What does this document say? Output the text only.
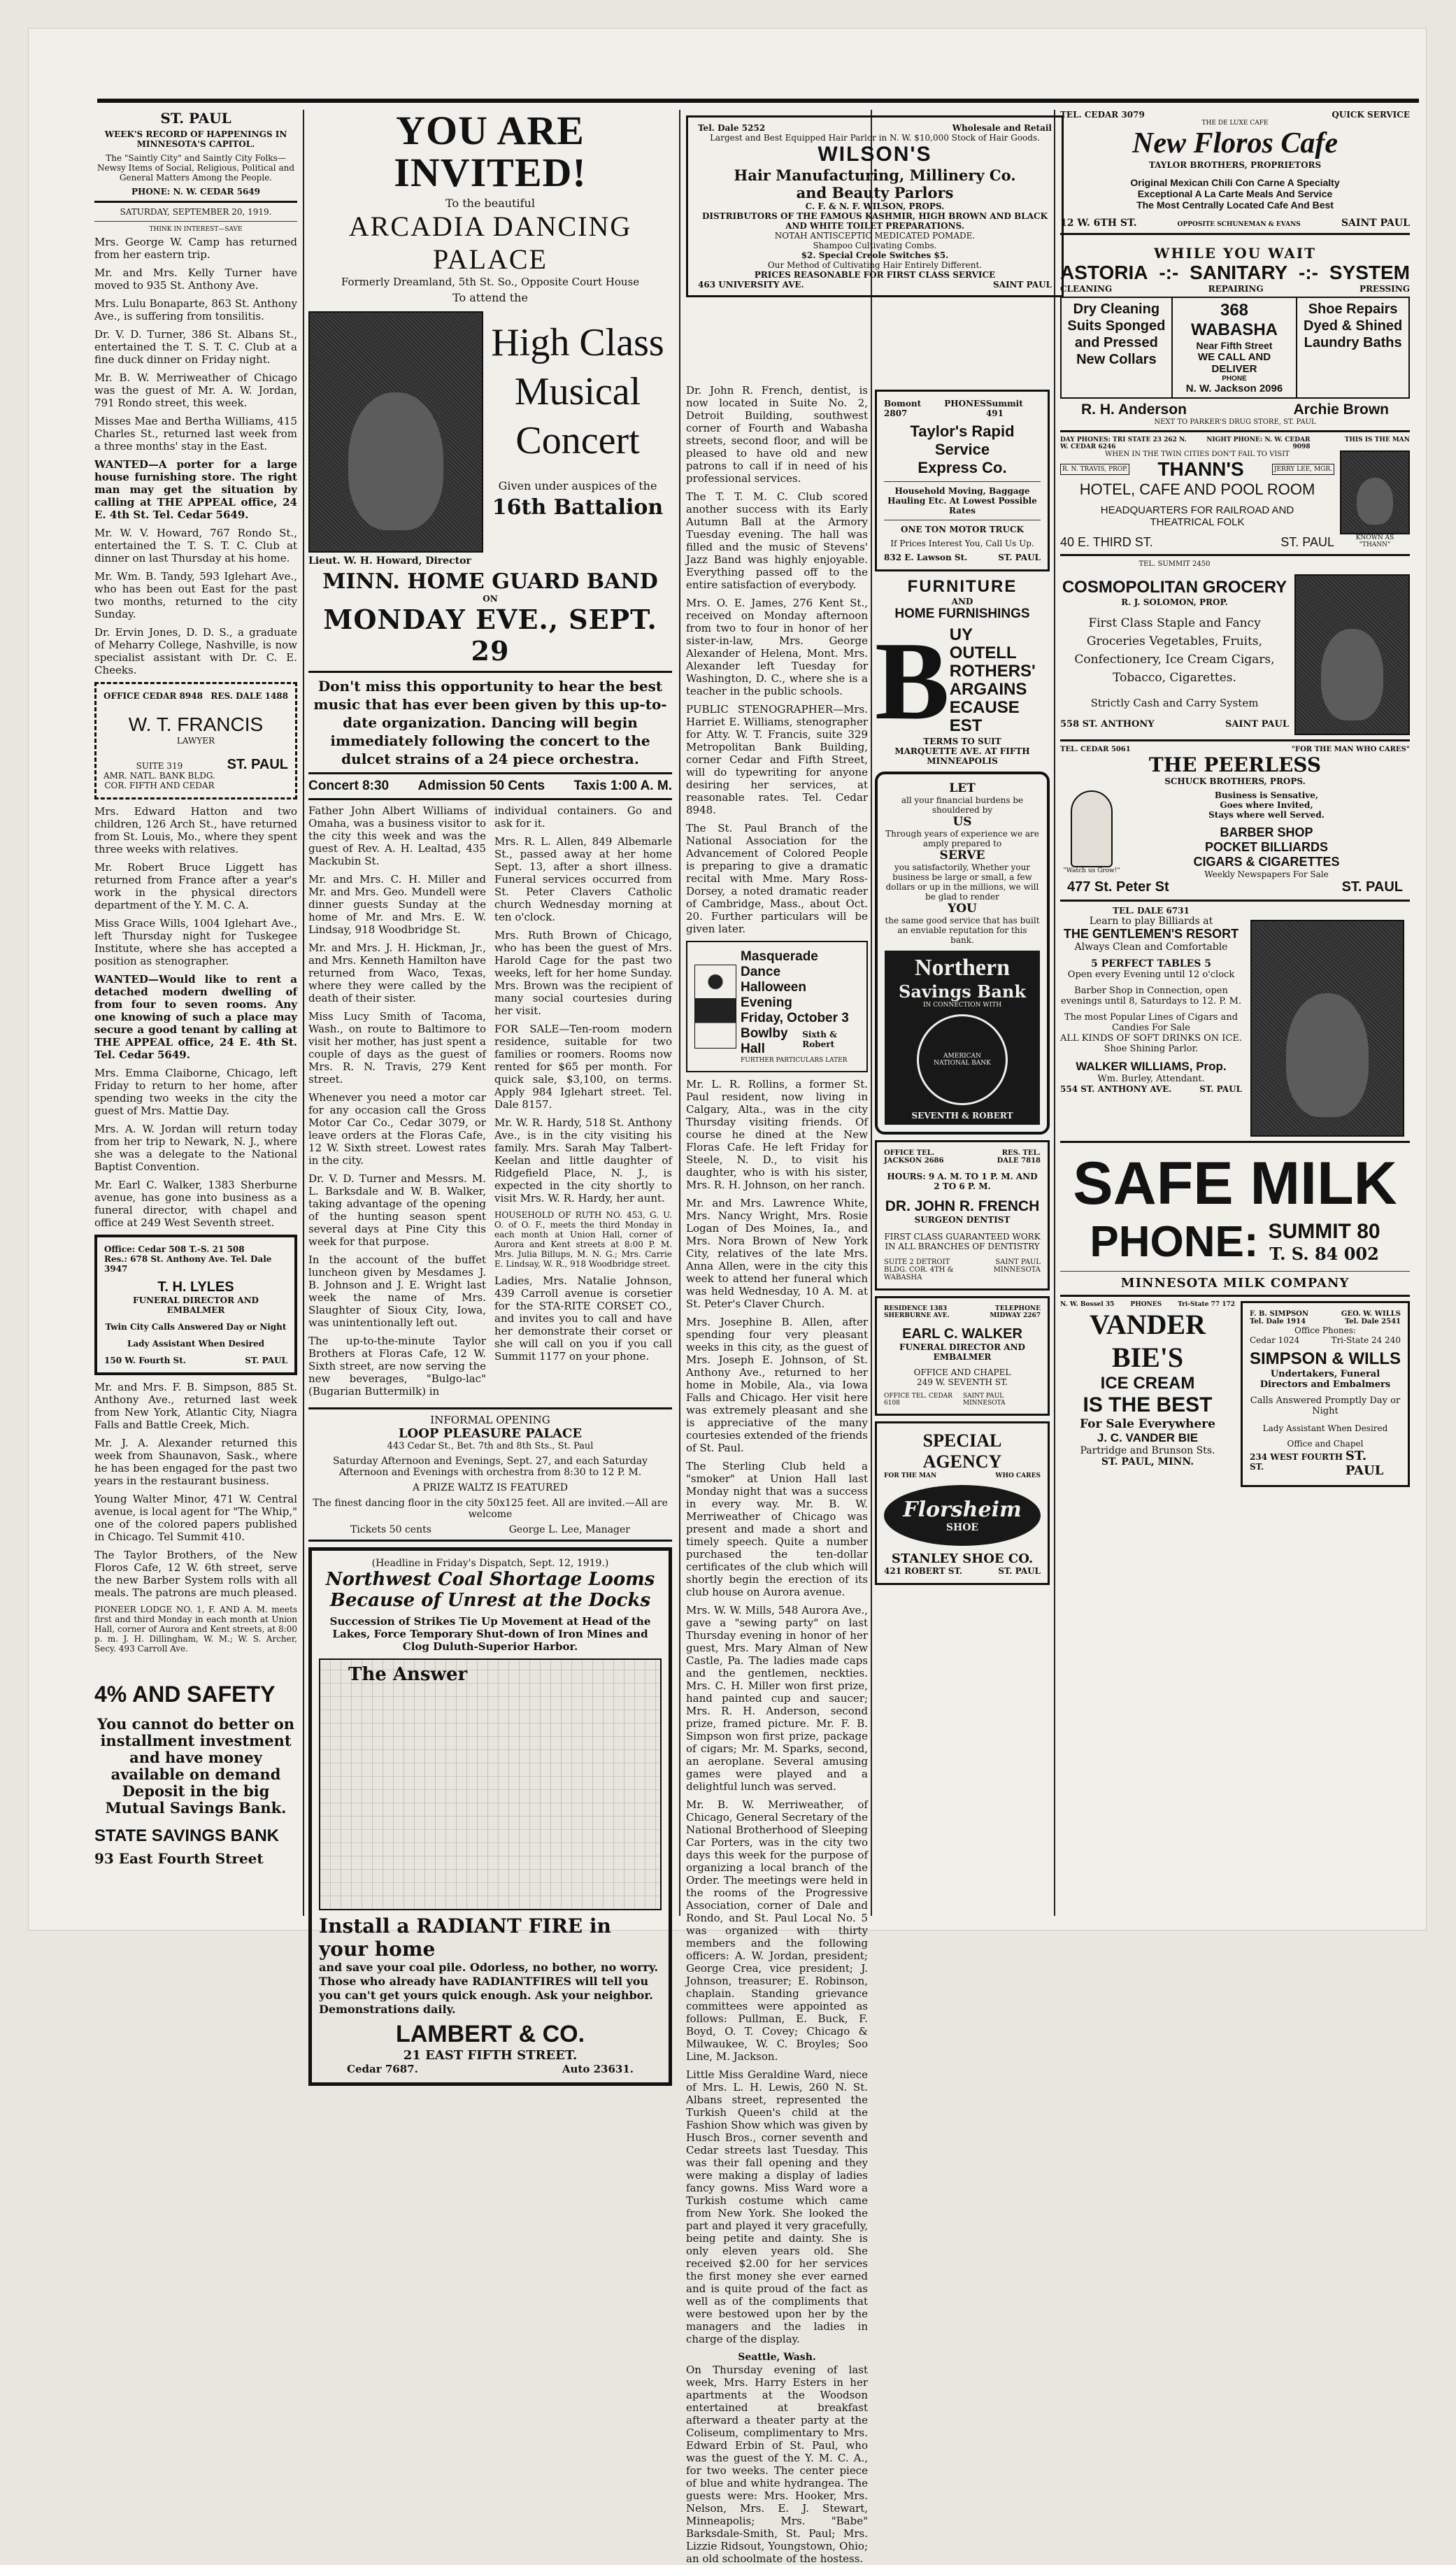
ST. PAUL
WEEK'S RECORD OF HAPPENINGS IN MINNESOTA'S CAPITOL.
The "Saintly City" and Saintly City Folks—Newsy Items of Social, Religious, Political and General Matters Among the People.
PHONE: N. W. CEDAR 5649
SATURDAY, SEPTEMBER 20, 1919.
THINK IN INTEREST—SAVE

Mrs. George W. Camp has returned from her eastern trip.

Mr. and Mrs. Kelly Turner have moved to 935 St. Anthony Ave.

Mrs. Lulu Bonaparte, 863 St. Anthony Ave., is suffering from tonsilitis.

Dr. V. D. Turner, 386 St. Albans St., entertained the T. S. T. C. Club at a fine duck dinner on Friday night.

Mr. B. W. Merriweather of Chicago was the guest of Mr. A. W. Jordan, 791 Rondo street, this week.

Misses Mae and Bertha Williams, 415 Charles St., returned last week from a three months' stay in the East.

WANTED—A porter for a large house furnishing store. The right man may get the situation by calling at THE APPEAL office, 24 E. 4th St. Tel. Cedar 5649.

Mr. W. V. Howard, 767 Rondo St., entertained the T. S. T. C. Club at dinner on last Thursday at his home.

Mr. Wm. B. Tandy, 593 Iglehart Ave., who has been out East for the past two months, returned to the city Sunday.

Dr. Ervin Jones, D. D. S., a graduate of Meharry College, Nashville, is now specialist assistant with Dr. C. E. Cheeks.

OFFICE CEDAR 8948 RES. DALE 1488
W. T. FRANCIS
LAWYER
SUITE 319
AMR. NATL. BANK BLDG.
COR. FIFTH AND CEDAR
ST. PAUL

Mrs. Edward Hatton and two children, 126 Arch St., have returned from St. Louis, Mo., where they spent three weeks with relatives.

Mr. Robert Bruce Liggett has returned from France after a year's work in the physical directors department of the Y. M. C. A.

Miss Grace Wills, 1004 Iglehart Ave., left Thursday night for Tuskegee Institute, where she has accepted a position as stenographer.

WANTED—Would like to rent a detached modern dwelling of from four to seven rooms. Any one knowing of such a place may secure a good tenant by calling at THE APPEAL office, 24 E. 4th St. Tel. Cedar 5649.

Mrs. Emma Claiborne, Chicago, left Friday to return to her home, after spending two weeks in the city the guest of Mrs. Mattie Day.

Mrs. A. W. Jordan will return today from her trip to Newark, N. J., where she was a delegate to the National Baptist Convention.

Mr. Earl C. Walker, 1383 Sherburne avenue, has gone into business as a funeral director, with chapel and office at 249 West Seventh street.

Office: Cedar 508 T.-S. 21 508
Res.: 678 St. Anthony Ave. Tel. Dale 3947
T. H. LYLES
FUNERAL DIRECTOR AND EMBALMER
Twin City Calls Answered Day or Night
Lady Assistant When Desired
150 W. Fourth St.	ST. PAUL

Mr. and Mrs. F. B. Simpson, 885 St. Anthony Ave., returned last week from New York, Atlantic City, Niagra Falls and Battle Creek, Mich.

Mr. J. A. Alexander returned this week from Shaunavon, Sask., where he has been engaged for the past two years in the restaurant business.

Young Walter Minor, 471 W. Central avenue, is local agent for "The Whip," one of the colored papers published in Chicago. Tel Summit 410.

The Taylor Brothers, of the New Floros Cafe, 12 W. 6th street, serve the new Barber System rolls with all meals. The patrons are much pleased.

PIONEER LODGE NO. 1, F. AND A. M. meets first and third Monday in each month at Union Hall, corner of Aurora and Kent streets, at 8:00 p. m. J. H. Dillingham, W. M.; W. S. Archer, Secy. 493 Carroll Ave.

4% AND SAFETY
You cannot do better on installment investment and have money available on demand Deposit in the big Mutual Savings Bank.
STATE SAVINGS BANK
93 East Fourth Street
YOU ARE INVITED!
To the beautiful
ARCADIA DANCING PALACE
Formerly Dreamland, 5th St. So., Opposite Court House
To attend the
Lieut. W. H. Howard, Director
High Class
Musical
Concert
Given under auspices of the
16th Battalion
MINN. HOME GUARD BAND
ON
MONDAY EVE., SEPT. 29
Don't miss this opportunity to hear the best music that has ever been given by this up-to-date organization. Dancing will begin immediately following the concert to the dulcet strains of a 24 piece orchestra.
Concert 8:30 Admission 50 Cents Taxis 1:00 A. M.

Father John Albert Williams of Omaha, was a business visitor to the city this week and was the guest of Rev. A. H. Lealtad, 435 Mackubin St.

Mr. and Mrs. C. H. Miller and Mr. and Mrs. Geo. Mundell were dinner guests Sunday at the home of Mr. and Mrs. E. W. Lindsay, 918 Woodbridge St.

Mr. and Mrs. J. H. Hickman, Jr., and Mrs. Kenneth Hamilton have returned from Waco, Texas, where they were called by the death of their sister.

Miss Lucy Smith of Tacoma, Wash., on route to Baltimore to visit her mother, has just spent a couple of days as the guest of Mrs. R. N. Travis, 279 Kent street.

Whenever you need a motor car for any occasion call the Gross Motor Car Co., Cedar 3079, or leave orders at the Floras Cafe, 12 W. Sixth street. Lowest rates in the city.

Dr. V. D. Turner and Messrs. M. L. Barksdale and W. B. Walker, taking advantage of the opening of the hunting season spent several days at Pine City this week for that purpose.

In the account of the buffet luncheon given by Mesdames J. B. Johnson and J. E. Wright last week the name of Mrs. Slaughter of Sioux City, Iowa, was unintentionally left out.

The up-to-the-minute Taylor Brothers at Floras Cafe, 12 W. Sixth street, are now serving the new beverages, "Bulgo-lac" (Bugarian Buttermilk) in

individual containers. Go and ask for it.

Mrs. R. L. Allen, 849 Albemarle St., passed away at her home Sept. 13, after a short illness. Funeral services occurred from St. Peter Clavers Catholic church Wednesday morning at ten o'clock.

Mrs. Ruth Brown of Chicago, who has been the guest of Mrs. Harold Cage for the past two weeks, left for her home Sunday. Mrs. Brown was the recipient of many social courtesies during her visit.

FOR SALE—Ten-room modern residence, suitable for two families or roomers. Rooms now rented for $65 per month. For quick sale, $3,100, on terms. Apply 984 Iglehart street. Tel. Dale 8157.

Mr. W. R. Hardy, 518 St. Anthony Ave., is in the city visiting his family. Mrs. Sarah May Talbert-Keelan and little daughter of Ridgefield Place, N. J., is expected in the city shortly to visit Mrs. W. R. Hardy, her aunt.

HOUSEHOLD OF RUTH NO. 453, G. U. O. of O. F., meets the third Monday in each month at Union Hall, corner of Aurora and Kent streets at 8:00 P. M. Mrs. Julia Billups, M. N. G.; Mrs. Carrie E. Lindsay, W. R., 918 Woodbridge street.

Ladies, Mrs. Natalie Johnson, 439 Carroll avenue is corsetier for the STA-RITE CORSET CO., and invites you to call and have her demonstrate their corset or she will call on you if you call Summit 1177 on your phone.

INFORMAL OPENING
LOOP PLEASURE PALACE
443 Cedar St., Bet. 7th and 8th Sts., St. Paul
Saturday Afternoon and Evenings, Sept. 27, and each Saturday Afternoon and Evenings with orchestra from 8:30 to 12 P. M.
A PRIZE WALTZ IS FEATURED
The finest dancing floor in the city 50x125 feet. All are invited.—All are welcome
Tickets 50 cents	George L. Lee, Manager
(Headline in Friday's Dispatch, Sept. 12, 1919.)
Northwest Coal Shortage Looms Because of Unrest at the Docks
Succession of Strikes Tie Up Movement at Head of the Lakes, Force Temporary Shut-down of Iron Mines and Clog Duluth-Superior Harbor.
The Answer
Install a RADIANT FIRE in your home
and save your coal pile. Odorless, no bother, no worry. Those who already have RADIANTFIRES will tell you you can't get yours quick enough. Ask your neighbor. Demonstrations daily.
LAMBERT & CO.
21 EAST FIFTH STREET.
Cedar 7687.	Auto 23631.
Tel. Dale 5252	Wholesale and Retail
Largest and Best Equipped Hair Parlor in N. W. $10,000 Stock of Hair Goods.
WILSON'S
Hair Manufacturing, Millinery Co.
and Beauty Parlors
C. F. & N. F. WILSON, PROPS.
DISTRIBUTORS OF THE FAMOUS KASHMIR, HIGH BROWN AND BLACK AND WHITE TOILET PREPARATIONS.
NOTAH ANTISCEPTIC MEDICATED POMADE.
Shampoo Cultivating Combs.
$2. Special Creole Switches $5.
Our Method of Cultivating Hair Entirely Different.
PRICES REASONABLE FOR FIRST CLASS SERVICE
463 UNIVERSITY AVE.	SAINT PAUL

Dr. John R. French, dentist, is now located in Suite No. 2, Detroit Building, southwest corner of Fourth and Wabasha streets, second floor, and will be pleased to have old and new patrons to call if in need of his professional services.

The T. T. M. C. Club scored another success with its Early Autumn Ball at the Armory Tuesday evening. The hall was filled and the music of Stevens' Jazz Band was highly enjoyable. Everything passed off to the entire satisfaction of everybody.

Mrs. O. E. James, 276 Kent St., received on Monday afternoon from two to four in honor of her sister-in-law, Mrs. George Alexander of Helena, Mont. Mrs. Alexander left Tuesday for Washington, D. C., where she is a teacher in the public schools.

PUBLIC STENOGRAPHER—Mrs. Harriet E. Williams, stenographer for Atty. W. T. Francis, suite 329 Metropolitan Bank Building, corner Cedar and Fifth Street, will do typewriting for anyone desiring her services, at reasonable rates. Tel. Cedar 8948.

The St. Paul Branch of the National Association for the Advancement of Colored People is preparing to give a dramatic recital with Mme. Mary Ross-Dorsey, a noted dramatic reader of Cambridge, Mass., about Oct. 20. Further particulars will be given later.

Masquerade Dance
Halloween Evening
Friday, October 3
Bowlby Hall
Sixth & Robert
FURTHER PARTICULARS LATER

Mr. L. R. Rollins, a former St. Paul resident, now living in Calgary, Alta., was in the city Thursday visiting friends. Of course he dined at the New Floras Cafe. He left Friday for Steele, N. D., to visit his daughter, who is with his sister, Mrs. R. H. Johnson, on her ranch.

Mr. and Mrs. Lawrence White, Mrs. Nancy Wright, Mrs. Rosie Logan of Des Moines, Ia., and Mrs. Nora Brown of New York City, relatives of the late Mrs. Anna Allen, were in the city this week to attend her funeral which was held Wednesday, 10 A. M. at St. Peter's Claver Church.

Mrs. Josephine B. Allen, after spending four very pleasant weeks in this city, as the guest of Mrs. Joseph E. Johnson, of St. Anthony Ave., returned to her home in Mobile, Ala., via Iowa Falls and Chicago. Her visit here was extremely pleasant and she is appreciative of the many courtesies extended of the friends of St. Paul.

The Sterling Club held a "smoker" at Union Hall last Monday night that was a success in every way. Mr. B. W. Merriweather of Chicago was present and made a short and timely speech. Quite a number purchased the ten-dollar certificates of the club which will shortly begin the erection of its club house on Aurora avenue.

Mrs. W. W. Mills, 548 Aurora Ave., gave a "sewing party" on last Thursday evening in honor of her guest, Mrs. Mary Alman of New Castle, Pa. The ladies made caps and the gentlemen, neckties. Mrs. C. H. Miller won first prize, hand painted cup and saucer; Mrs. R. H. Anderson, second prize, framed picture. Mr. F. B. Simpson won first prize, package of cigars; Mr. M. Sparks, second, an aeroplane. Several amusing games were played and a delightful lunch was served.

Mr. B. W. Merriweather, of Chicago, General Secretary of the National Brotherhood of Sleeping Car Porters, was in the city two days this week for the purpose of organizing a local branch of the Order. The meetings were held in the rooms of the Progressive Association, corner of Dale and Rondo, and St. Paul Local No. 5 was organized with thirty members and the following officers: A. W. Jordan, president; George Crea, vice president; J. Johnson, treasurer; E. Robinson, chaplain. Standing grievance committees were appointed as follows: Pullman, E. Buck, F. Boyd, O. T. Covey; Chicago & Milwaukee, W. C. Broyles; Soo Line, M. Jackson.

Little Miss Geraldine Ward, niece of Mrs. L. H. Lewis, 260 N. St. Albans street, represented the Turkish Queen's child at the Fashion Show which was given by Husch Bros., corner seventh and Cedar streets last Tuesday. This was their fall opening and they were making a display of ladies fancy gowns. Miss Ward wore a Turkish costume which came from New York. She looked the part and played it very gracefully, being petite and dainty. She is only eleven years old. She received $2.00 for her services the first money she ever earned and is quite proud of the fact as well as of the compliments that were bestowed upon her by the managers and the ladies in charge of the display.

Seattle, Wash.

On Thursday evening of last week, Mrs. Harry Esters in her apartments at the Woodson entertained at breakfast afterward a theater party at the Coliseum, complimentary to Mrs. Edward Erbin of St. Paul, who was the guest of the Y. M. C. A., for two weeks. The center piece of blue and white hydrangea. The guests were: Mrs. Hooker, Mrs. Nelson, Mrs. E. J. Stewart, Minneapolis; Mrs. "Babe" Barksdale-Smith, St. Paul; Mrs. Lizzie Ridsout, Youngstown, Ohio; an old schoolmate of the hostess.

Bomont 2807
PHONES Summit 491
Taylor's Rapid Service
Express Co.
Household Moving, Baggage Hauling Etc. At Lowest Possible Rates
ONE TON MOTOR TRUCK
If Prices Interest You, Call Us Up.
832 E. Lawson St.	ST. PAUL
FURNITURE
AND
HOME FURNISHINGS
B UY
OUTELL
ROTHERS'
ARGAINS
ECAUSE
EST
TERMS TO SUIT
MARQUETTE AVE. AT FIFTH
MINNEAPOLIS
LET
all your financial burdens be shouldered by
US
Through years of experience we are amply prepared to
SERVE
you satisfactorily, Whether your business be large or small, a few dollars or up in the millions, we will be glad to render
YOU
the same good service that has built an enviable reputation for this bank.
Northern
Savings Bank
IN CONNECTION WITH
AMERICAN NATIONAL BANK
SEVENTH & ROBERT
OFFICE TEL. JACKSON 2686
RES. TEL. DALE 7818
HOURS: 9 A. M. TO 1 P. M. AND 2 TO 6 P. M.
DR. JOHN R. FRENCH
SURGEON DENTIST
FIRST CLASS GUARANTEED WORK IN ALL BRANCHES OF DENTISTRY
SUITE 2 DETROIT BLDG. COR. 4TH & WABASHA
SAINT PAUL MINNESOTA
RESIDENCE 1383 SHERBURNE AVE.
TELEPHONE MIDWAY 2267
EARL C. WALKER
FUNERAL DIRECTOR AND EMBALMER
OFFICE AND CHAPEL
249 W. SEVENTH ST.
OFFICE TEL. CEDAR 6108
SAINT PAUL MINNESOTA
SPECIAL AGENCY
FOR THE MAN	WHO CARES
Florsheim
SHOE
STANLEY SHOE CO.
421 ROBERT ST.	ST. PAUL
TEL. CEDAR 3079	QUICK SERVICE
THE DE LUXE CAFE
New Floros Cafe
TAYLOR BROTHERS, PROPRIETORS
Original Mexican Chili Con Carne A Specialty
Exceptional A La Carte Meals And Service
The Most Centrally Located Cafe And Best
12 W. 6TH ST.	OPPOSITE SCHUNEMAN & EVANS	SAINT PAUL
WHILE YOU WAIT
ASTORIA -:- SANITARY -:- SYSTEM
CLEANING	REPAIRING	PRESSING
Dry Cleaning Suits Sponged and Pressed New Collars
368 WABASHA
Near Fifth Street
WE CALL AND DELIVER
PHONE
N. W. Jackson 2096
Shoe Repairs Dyed & Shined Laundry Baths
R. H. Anderson	Archie Brown
NEXT TO PARKER'S DRUG STORE, ST. PAUL
DAY PHONES: TRI STATE 23 262 N. W. CEDAR 6246
NIGHT PHONE: N. W. CEDAR 9098
THIS IS THE MAN
WHEN IN THE TWIN CITIES DON'T FAIL TO VISIT
R. N. TRAVIS, PROP. THANN'S	JERRY LEE, MGR.
HOTEL, CAFE AND POOL ROOM
HEADQUARTERS FOR RAILROAD AND
THEATRICAL FOLK
40 E. THIRD ST.	ST. PAUL	KNOWN AS "THANN"
TEL. SUMMIT 2450
COSMOPOLITAN GROCERY
R. J. SOLOMON, PROP.
First Class Staple and Fancy Groceries Vegetables, Fruits, Confectionery, Ice Cream Cigars, Tobacco, Cigarettes.
Strictly Cash and Carry System
558 ST. ANTHONY	SAINT PAUL
TEL. CEDAR 5061	"FOR THE MAN WHO CARES"
THE PEERLESS
SCHUCK BROTHERS, PROPS.
"Watch us Grow!"
Business is Sensative,
Goes where Invited,
Stays where well Served.
BARBER SHOP
POCKET BILLIARDS
CIGARS & CIGARETTES
Weekly Newspapers For Sale
477 St. Peter St	ST. PAUL
TEL. DALE 6731
Learn to play Billiards at
THE GENTLEMEN'S RESORT
Always Clean and Comfortable
5 PERFECT TABLES 5
Open every Evening until 12 o'clock
Barber Shop in Connection, open evenings until 8, Saturdays to 12. P. M.
The most Popular Lines of Cigars and Candies For Sale
ALL KINDS OF SOFT DRINKS ON ICE.
Shoe Shining Parlor.
WALKER WILLIAMS, Prop.
Wm. Burley, Attendant.
554 ST. ANTHONY AVE.	ST. PAUL
SAFE MILK
PHONE: SUMMIT 80
T. S. 84 002
MINNESOTA MILK COMPANY
N. W. Bossel 35	PHONES	Tri-State 77 172
VANDER BIE'S
ICE CREAM
IS THE BEST
For Sale Everywhere
J. C. VANDER BIE
Partridge and Brunson Sts.
ST. PAUL, MINN.
F. B. SIMPSON Tel. Dale 1914
GEO. W. WILLS Tel. Dale 2541
Office Phones:
Cedar 1024	Tri-State 24 240
SIMPSON & WILLS
Undertakers, Funeral Directors and Embalmers
Calls Answered Promptly Day or Night
Lady Assistant When Desired
Office and Chapel
234 WEST FOURTH ST.
ST. PAUL
